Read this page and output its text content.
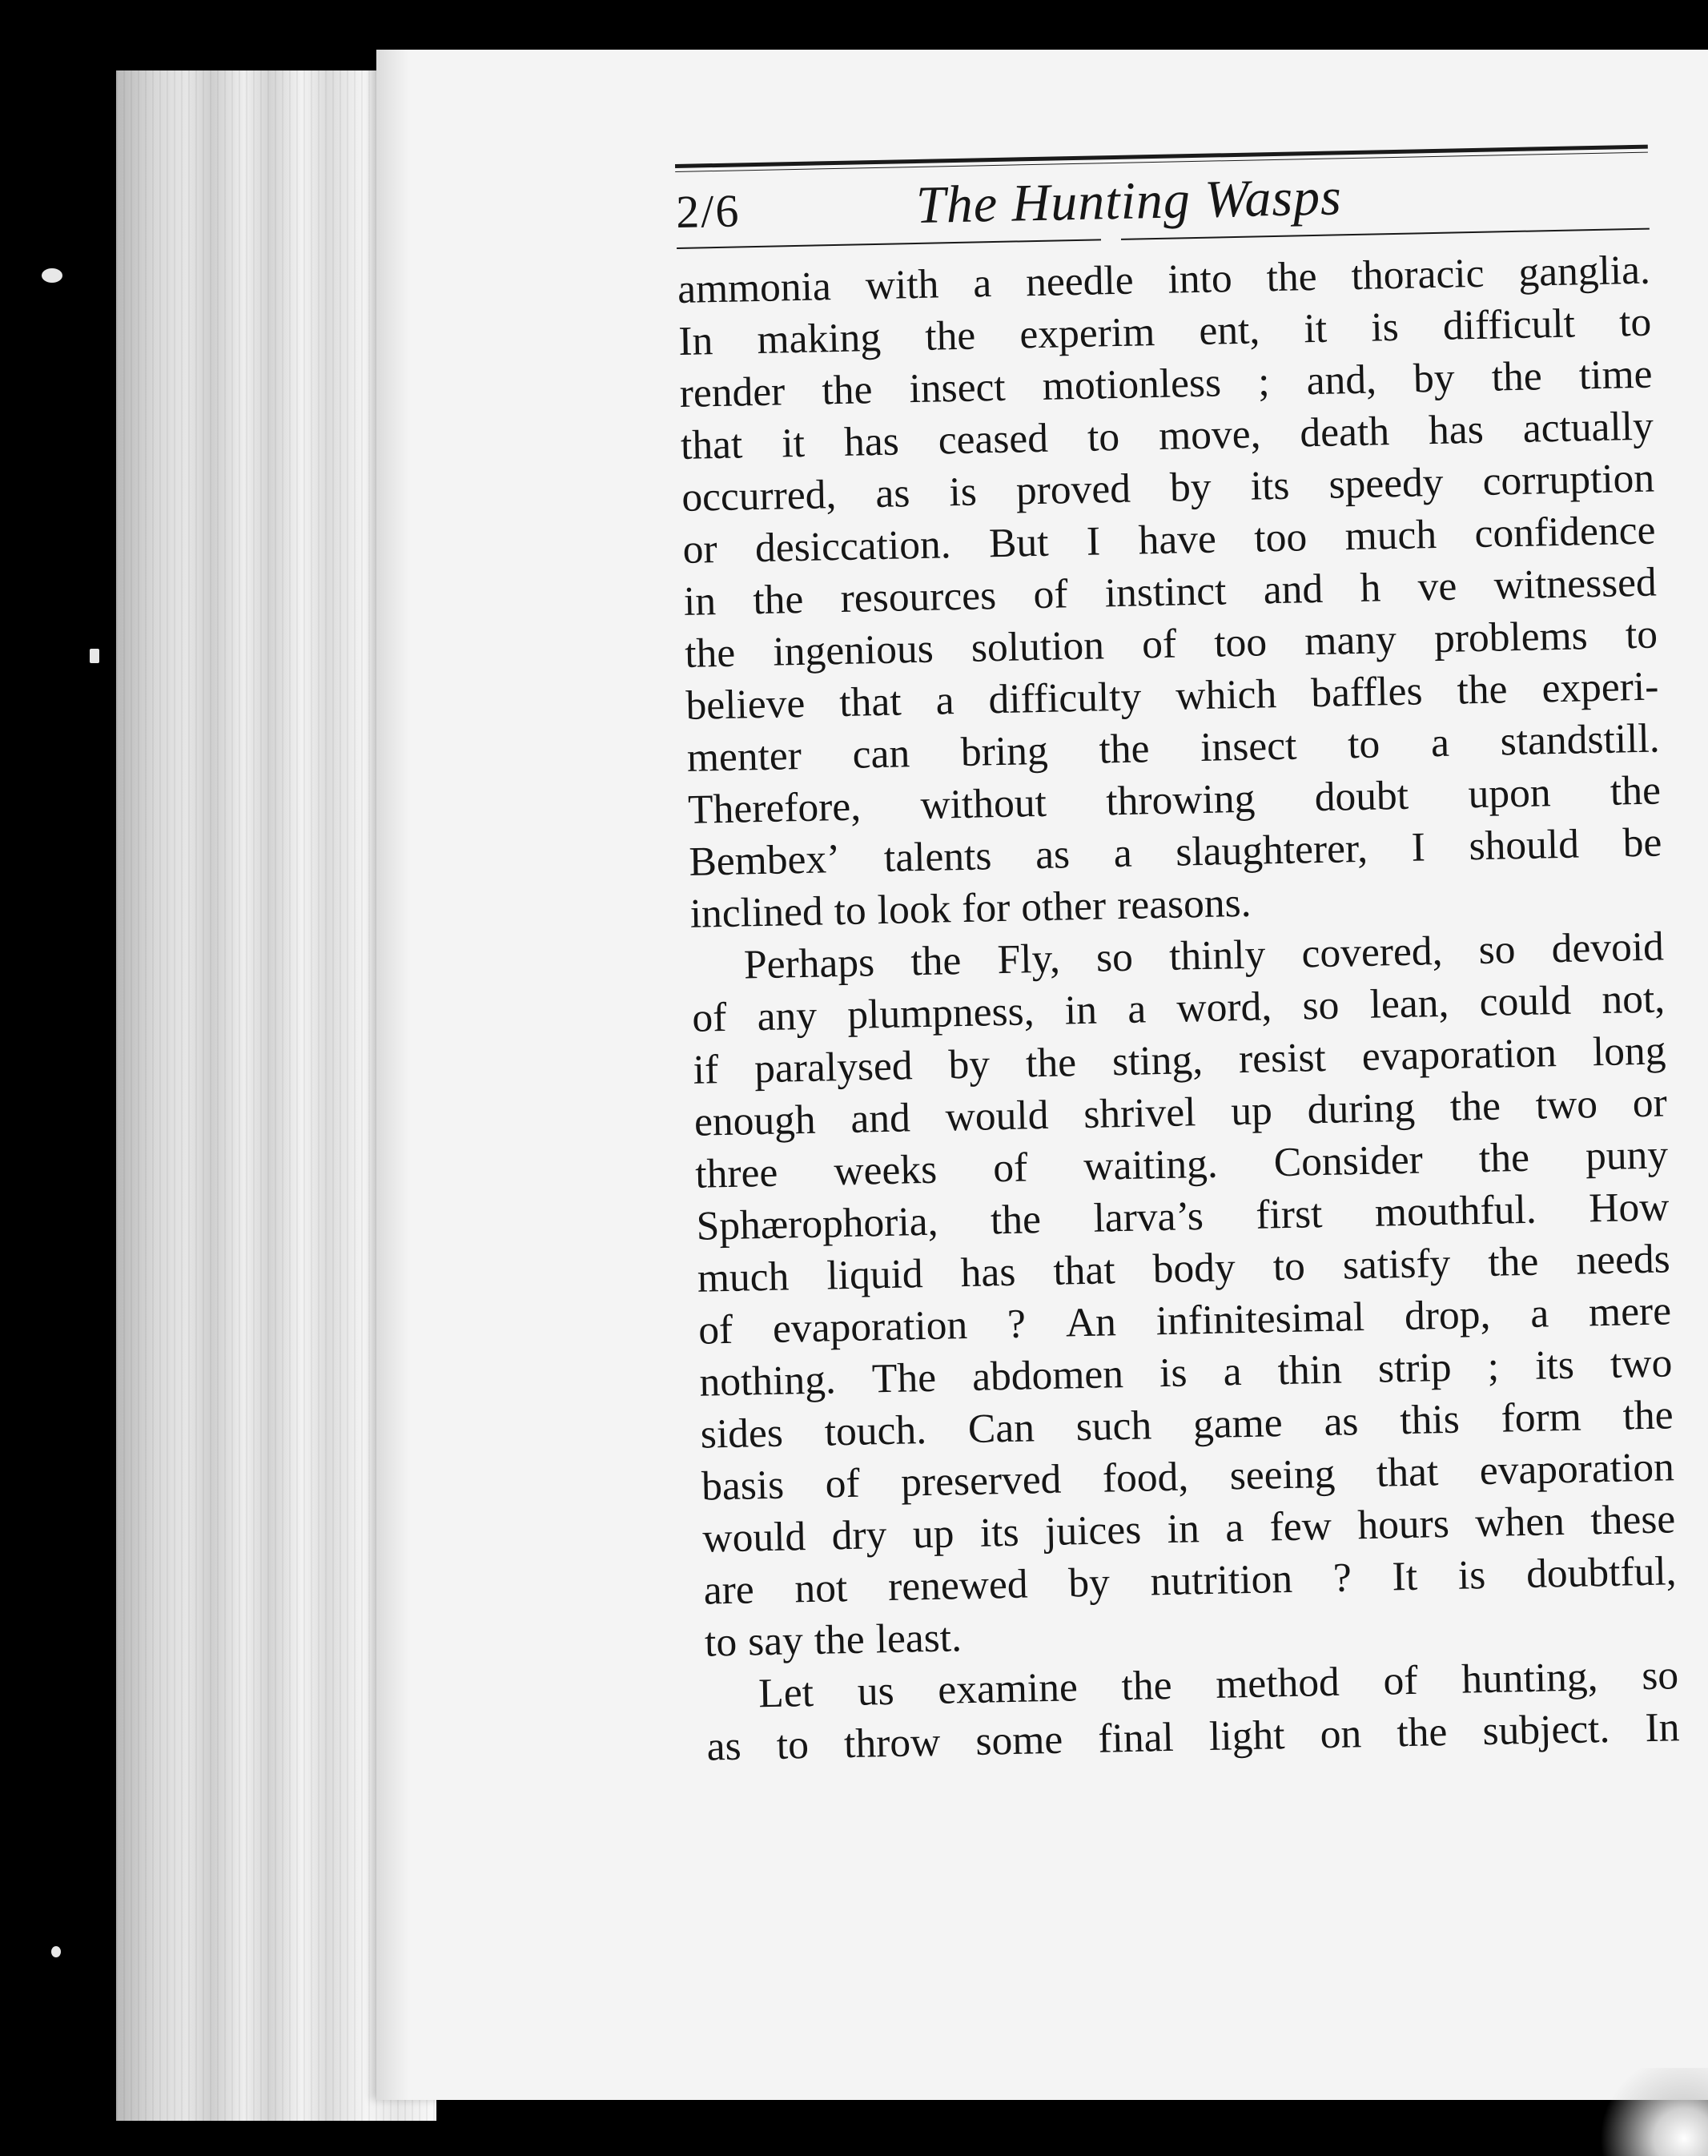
2/6	The Hunting Wasps
ammonia with a needle into the thoracic ganglia.
In making the experim ent, it is difficult to
render the insect motionless ; and, by the time
that it has ceased to move, death has actually
occurred, as is proved by its speedy corruption
or desiccation. But I have too much confidence
in the resources of instinct and h ve witnessed
the ingenious solution of too many problems to
believe that a difficulty which baffles the experi-
menter can bring the insect to a standstill.
Therefore, without throwing doubt upon the
Bembex’ talents as a slaughterer, I should be
inclined to look for other reasons.
Perhaps the Fly, so thinly covered, so devoid
of any plumpness, in a word, so lean, could not,
if paralysed by the sting, resist evaporation long
enough and would shrivel up during the two or
three weeks of waiting. Consider the puny
Sphærophoria, the larva’s first mouthful. How
much liquid has that body to satisfy the needs
of evaporation ? An infinitesimal drop, a mere
nothing. The abdomen is a thin strip ; its two
sides touch. Can such game as this form the
basis of preserved food, seeing that evaporation
would dry up its juices in a few hours when these
are not renewed by nutrition ? It is doubtful,
to say the least.
Let us examine the method of hunting, so
as to throw some final light on the subject. In
